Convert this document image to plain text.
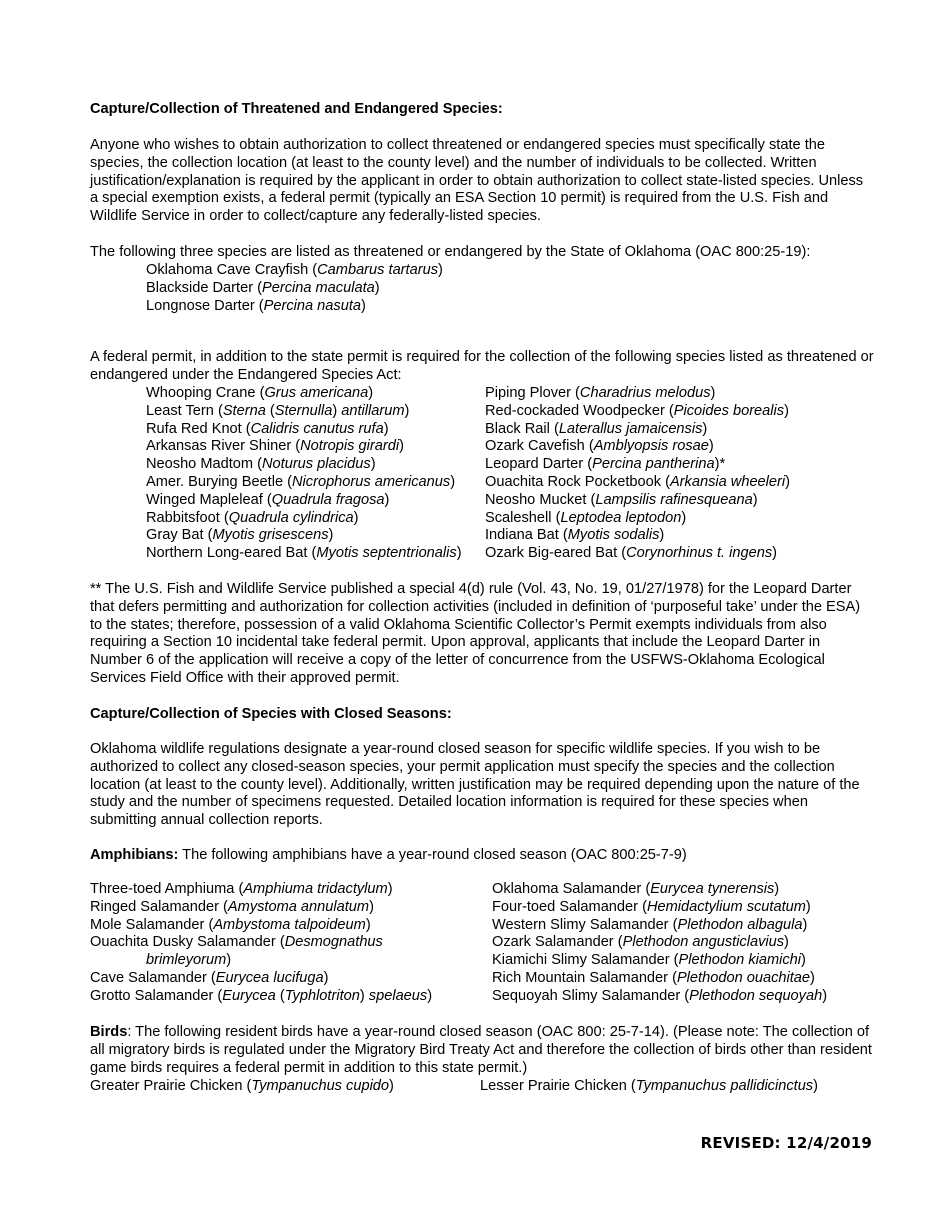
Capture/Collection of Threatened and Endangered Species:
Anyone who wishes to obtain authorization to collect threatened or endangered species must specifically state the species, the collection location (at least to the county level) and the number of individuals to be collected. Written justification/explanation is required by the applicant in order to obtain authorization to collect state-listed species. Unless a special exemption exists, a federal permit (typically an ESA Section 10 permit) is required from the U.S. Fish and Wildlife Service in order to collect/capture any federally-listed species.
The following three species are listed as threatened or endangered by the State of Oklahoma (OAC 800:25-19):
Oklahoma Cave Crayfish (Cambarus tartarus)
Blackside Darter (Percina maculata)
Longnose Darter (Percina nasuta)
A federal permit, in addition to the state permit is required for the collection of the following species listed as threatened or endangered under the Endangered Species Act:
Whooping Crane (Grus americana)
Least Tern (Sterna (Sternulla) antillarum)
Rufa Red Knot (Calidris canutus rufa)
Arkansas River Shiner (Notropis girardi)
Neosho Madtom (Noturus placidus)
Amer. Burying Beetle (Nicrophorus americanus)
Winged Mapleleaf (Quadrula fragosa)
Rabbitsfoot (Quadrula cylindrica)
Gray Bat (Myotis grisescens)
Northern Long-eared Bat (Myotis septentrionalis)
Piping Plover (Charadrius melodus)
Red-cockaded Woodpecker (Picoides borealis)
Black Rail (Laterallus jamaicensis)
Ozark Cavefish (Amblyopsis rosae)
Leopard Darter (Percina pantherina)*
Ouachita Rock Pocketbook (Arkansia wheeleri)
Neosho Mucket (Lampsilis rafinesqueana)
Scaleshell (Leptodea leptodon)
Indiana Bat (Myotis sodalis)
Ozark Big-eared Bat (Corynorhinus t. ingens)
** The U.S. Fish and Wildlife Service published a special 4(d) rule (Vol. 43, No. 19, 01/27/1978) for the Leopard Darter that defers permitting and authorization for collection activities (included in definition of ‘purposeful take’ under the ESA) to the states; therefore, possession of a valid Oklahoma Scientific Collector’s Permit exempts individuals from also requiring a Section 10 incidental take federal permit. Upon approval, applicants that include the Leopard Darter in Number 6 of the application will receive a copy of the letter of concurrence from the USFWS-Oklahoma Ecological Services Field Office with their approved permit.
Capture/Collection of Species with Closed Seasons:
Oklahoma wildlife regulations designate a year-round closed season for specific wildlife species. If you wish to be authorized to collect any closed-season species, your permit application must specify the species and the collection location (at least to the county level). Additionally, written justification may be required depending upon the nature of the study and the number of specimens requested. Detailed location information is required for these species when submitting annual collection reports.
Amphibians: The following amphibians have a year-round closed season (OAC 800:25-7-9)
Three-toed Amphiuma (Amphiuma tridactylum)
Ringed Salamander (Amystoma annulatum)
Mole Salamander (Ambystoma talpoideum)
Ouachita Dusky Salamander (Desmognathus
brimleyorum)
Cave Salamander (Eurycea lucifuga)
Grotto Salamander (Eurycea (Typhlotriton) spelaeus)
Oklahoma Salamander (Eurycea tynerensis)
Four-toed Salamander (Hemidactylium scutatum)
Western Slimy Salamander (Plethodon albagula)
Ozark Salamander (Plethodon angusticlavius)
Kiamichi Slimy Salamander (Plethodon kiamichi)
Rich Mountain Salamander (Plethodon ouachitae)
Sequoyah Slimy Salamander (Plethodon sequoyah)
Birds: The following resident birds have a year-round closed season (OAC 800: 25-7-14). (Please note: The collection of all migratory birds is regulated under the Migratory Bird Treaty Act and therefore the collection of birds other than resident game birds requires a federal permit in addition to this state permit.)
Greater Prairie Chicken (Tympanuchus cupido)	Lesser Prairie Chicken (Tympanuchus pallidicinctus)
REVISED: 12/4/2019
